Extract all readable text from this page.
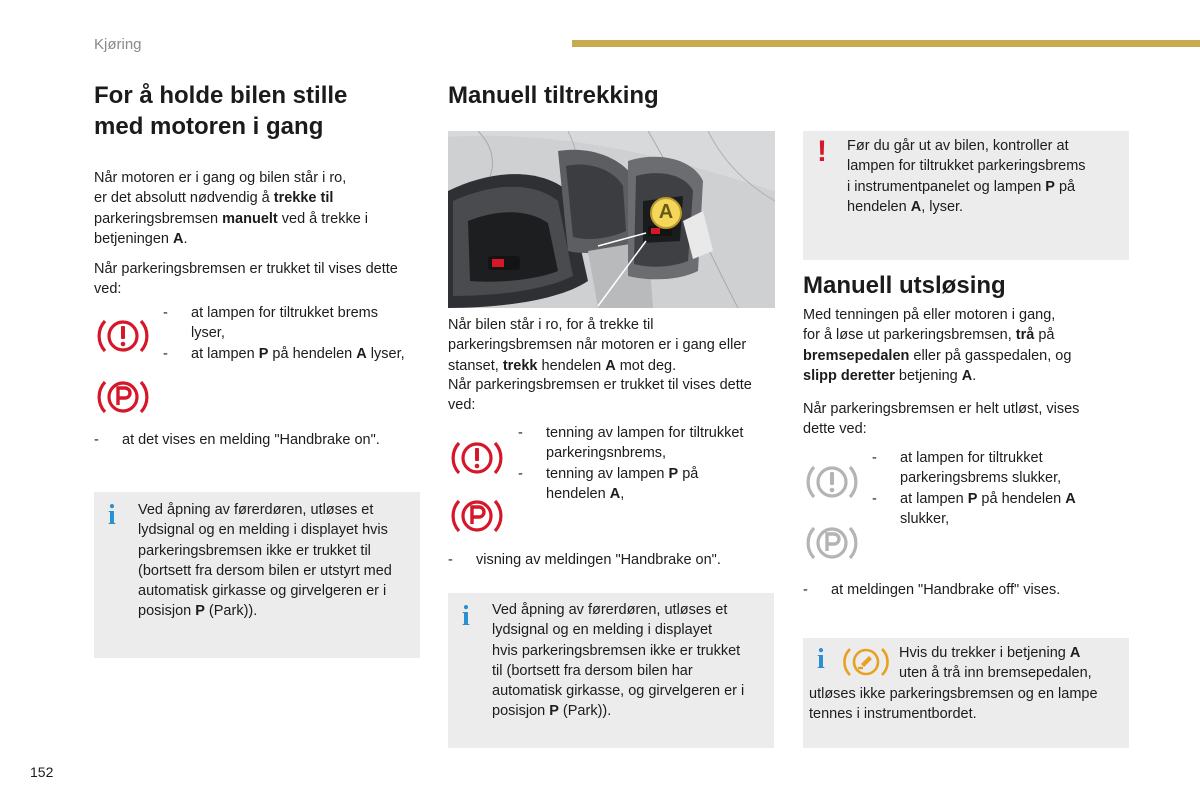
Kjøring
For å holde bilen stille
med motoren i gang

Når motoren er i gang og bilen står i ro,
er det absolutt nødvendig å trekke til
parkeringsbremsen manuelt ved å trekke i
betjeningen A.

Når parkeringsbremsen er trukket til vises dette ved:

-	at lampen for tiltrukket brems
lyser,
-	at lampen P på hendelen A lyser,
-	at det vises en melding "Handbrake on".
i Ved åpning av førerdøren, utløses et
lydsignal og en melding i displayet hvis
parkeringsbremsen ikke er trukket til
(bortsett fra dersom bilen er utstyrt med
automatisk girkasse og girvelgeren er i
posisjon P (Park)).

Manuell tiltrekking
A

Når bilen står i ro, for å trekke til
parkeringsbremsen når motoren er i gang eller
stanset, trekk hendelen A mot deg.

Når parkeringsbremsen er trukket til vises dette
ved:

-	tenning av lampen for tiltrukket
parkeringsnbrems,
-	tenning av lampen P på
hendelen A,
-	visning av meldingen "Handbrake on".
i Ved åpning av førerdøren, utløses et
lydsignal og en melding i displayet
hvis parkeringsbremsen ikke er trukket
til (bortsett fra dersom bilen har
automatisk girkasse, og girvelgeren er i
posisjon P (Park)).

! Før du går ut av bilen, kontroller at
lampen for tiltrukket parkeringsbrems
i instrumentpanelet og lampen P på
hendelen A, lyser.

Manuell utsløsing

Med tenningen på eller motoren i gang,
for å løse ut parkeringsbremsen, trå på
bremsepedalen eller på gasspedalen, og
slipp deretter betjening A.

Når parkeringsbremsen er helt utløst, vises
dette ved:

-	at lampen for tiltrukket
parkeringsbrems slukker,
-	at lampen P på hendelen A
slukker,
-	at meldingen "Handbrake off" vises.
i	Hvis du trekker i betjening A
uten å trå inn bremsepedalen,

utløses ikke parkeringsbremsen og en lampe
tennes i instrumentbordet.

152
